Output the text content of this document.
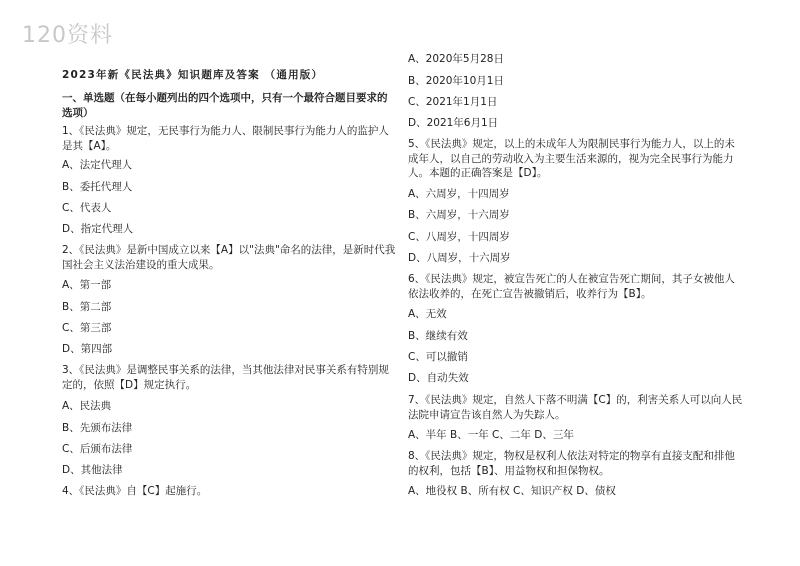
120资料
2023年新《民法典》知识题库及答案 （通用版）
一、单选题（在每小题列出的四个选项中，只有一个最符合题目要求的选项）
1、《民法典》规定，无民事行为能力人、限制民事行为能力人的监护人是其【A】。
A、法定代理人
B、委托代理人
C、代表人
D、指定代理人
2、《民法典》是新中国成立以来【A】以"法典"命名的法律，是新时代我国社会主义法治建设的重大成果。
A、第一部
B、第二部
C、第三部
D、第四部
3、《民法典》是调整民事关系的法律，当其他法律对民事关系有特别规定的，依照【D】规定执行。
A、民法典
B、先颁布法律
C、后颁布法律
D、其他法律
4、《民法典》自【C】起施行。
A、2020年5月28日
B、2020年10月1日
C、2021年1月1日
D、2021年6月1日
5、《民法典》规定，以上的未成年人为限制民事行为能力人，以上的未成年人，以自己的劳动收入为主要生活来源的，视为完全民事行为能力人。本题的正确答案是【D】。
A、六周岁，十四周岁
B、六周岁，十六周岁
C、八周岁，十四周岁
D、八周岁，十六周岁
6、《民法典》规定，被宣告死亡的人在被宣告死亡期间，其子女被他人依法收养的，在死亡宣告被撤销后，收养行为【B】。
A、无效
B、继续有效
C、可以撤销
D、自动失效
7、《民法典》规定，自然人下落不明满【C】的，利害关系人可以向人民法院申请宣告该自然人为失踪人。
A、半年 B、一年 C、二年 D、三年
8、《民法典》规定，物权是权利人依法对特定的物享有直接支配和排他的权利，包括【B】、用益物权和担保物权。
A、地役权 B、所有权 C、知识产权 D、债权
